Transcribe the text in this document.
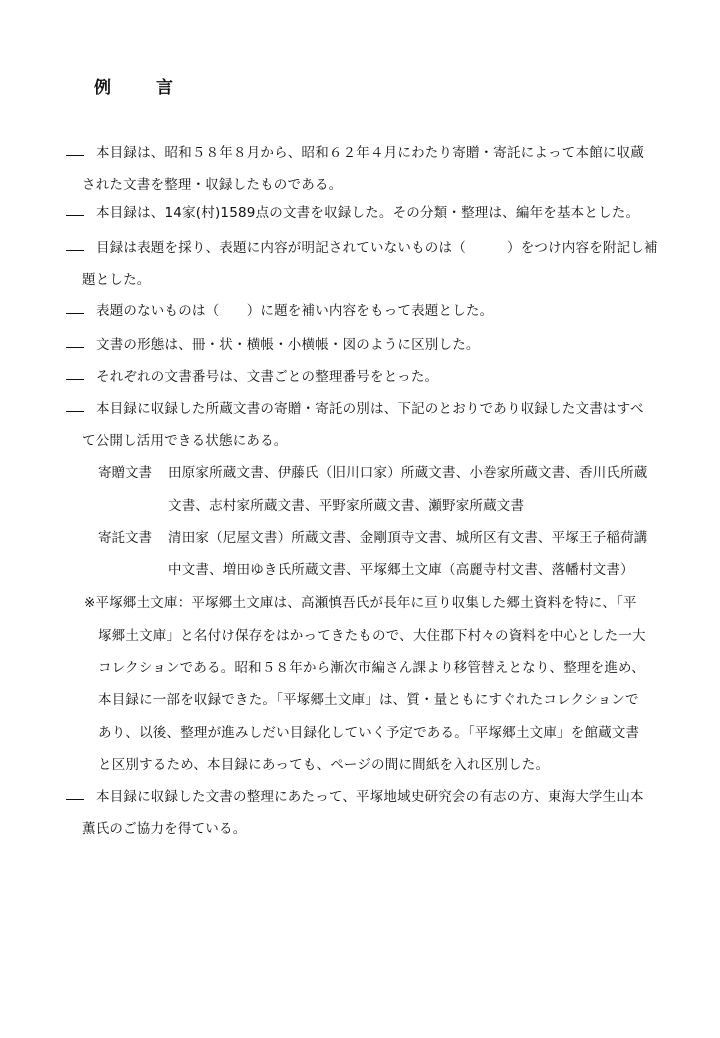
例	言
本目録は、昭和５８年８月から、昭和６２年４月にわたり寄贈・寄託によって本館に収蔵
された文書を整理・収録したものである。
本目録は、14家(村)1589点の文書を収録した。その分類・整理は、編年を基本とした。
目録は表題を採り、表題に内容が明記されていないものは（　　　）をつけ内容を附記し補
題とした。
表題のないものは（　　）に題を補い内容をもって表題とした。
文書の形態は、冊・状・横帳・小横帳・図のように区別した。
それぞれの文書番号は、文書ごとの整理番号をとった。
本目録に収録した所蔵文書の寄贈・寄託の別は、下記のとおりであり収録した文書はすべ
て公開し活用できる状態にある。
寄贈文書 田原家所蔵文書、伊藤氏（旧川口家）所蔵文書、小巻家所蔵文書、香川氏所蔵
文書、志村家所蔵文書、平野家所蔵文書、瀬野家所蔵文書
寄託文書 清田家（尼屋文書）所蔵文書、金剛頂寺文書、城所区有文書、平塚王子稲荷講
中文書、増田ゆき氏所蔵文書、平塚郷土文庫（高麗寺村文書、落幡村文書）
※平塚郷土文庫：平塚郷土文庫は、高瀬慎吾氏が長年に亘り収集した郷土資料を特に、「平
塚郷土文庫」と名付け保存をはかってきたもので、大住郡下村々の資料を中心とした一大
コレクションである。昭和５８年から漸次市編さん課より移管替えとなり、整理を進め、
本目録に一部を収録できた。「平塚郷土文庫」は、質・量ともにすぐれたコレクションで
あり、以後、整理が進みしだい目録化していく予定である。「平塚郷土文庫」を館蔵文書
と区別するため、本目録にあっても、ページの間に間紙を入れ区別した。
本目録に収録した文書の整理にあたって、平塚地域史研究会の有志の方、東海大学生山本
薫氏のご協力を得ている。
